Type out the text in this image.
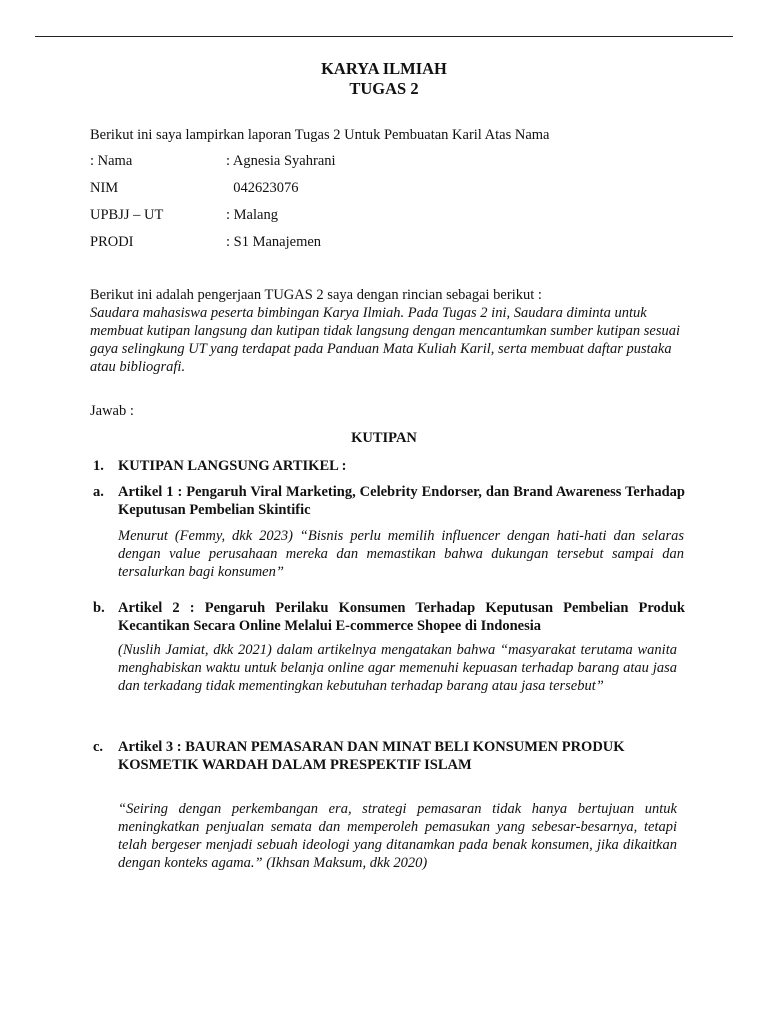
KARYA ILMIAH
TUGAS 2
Berikut ini saya lampirkan laporan Tugas 2 Untuk Pembuatan Karil Atas Nama
: Nama	: Agnesia Syahrani
NIM	042623076
UPBJJ – UT	: Malang
PRODI	: S1 Manajemen
Berikut ini adalah pengerjaan TUGAS 2 saya dengan rincian sebagai berikut :
Saudara mahasiswa peserta bimbingan Karya Ilmiah. Pada Tugas 2 ini, Saudara diminta untuk membuat kutipan langsung dan kutipan tidak langsung dengan mencantumkan sumber kutipan sesuai gaya selingkung UT yang terdapat pada Panduan Mata Kuliah Karil, serta membuat daftar pustaka atau bibliografi.
Jawab :
KUTIPAN
1. KUTIPAN LANGSUNG ARTIKEL :
a. Artikel 1 : Pengaruh Viral Marketing, Celebrity Endorser, dan Brand Awareness Terhadap Keputusan Pembelian Skintific
Menurut (Femmy, dkk 2023) “Bisnis perlu memilih influencer dengan hati-hati dan selaras dengan value perusahaan mereka dan memastikan bahwa dukungan tersebut sampai dan tersalurkan bagi konsumen”
b. Artikel 2 : Pengaruh Perilaku Konsumen Terhadap Keputusan Pembelian Produk Kecantikan Secara Online Melalui E-commerce Shopee di Indonesia
(Nuslih Jamiat, dkk 2021) dalam artikelnya mengatakan bahwa “masyarakat terutama wanita menghabiskan waktu untuk belanja online agar memenuhi kepuasan terhadap barang atau jasa dan terkadang tidak mementingkan kebutuhan terhadap barang atau jasa tersebut”
c. Artikel 3 : BAURAN PEMASARAN DAN MINAT BELI KONSUMEN PRODUK KOSMETIK WARDAH DALAM PRESPEKTIF ISLAM
“Seiring dengan perkembangan era, strategi pemasaran tidak hanya bertujuan untuk meningkatkan penjualan semata dan memperoleh pemasukan yang sebesar-besarnya, tetapi telah bergeser menjadi sebuah ideologi yang ditanamkan pada benak konsumen, jika dikaitkan dengan konteks agama.” (Ikhsan Maksum, dkk 2020)
